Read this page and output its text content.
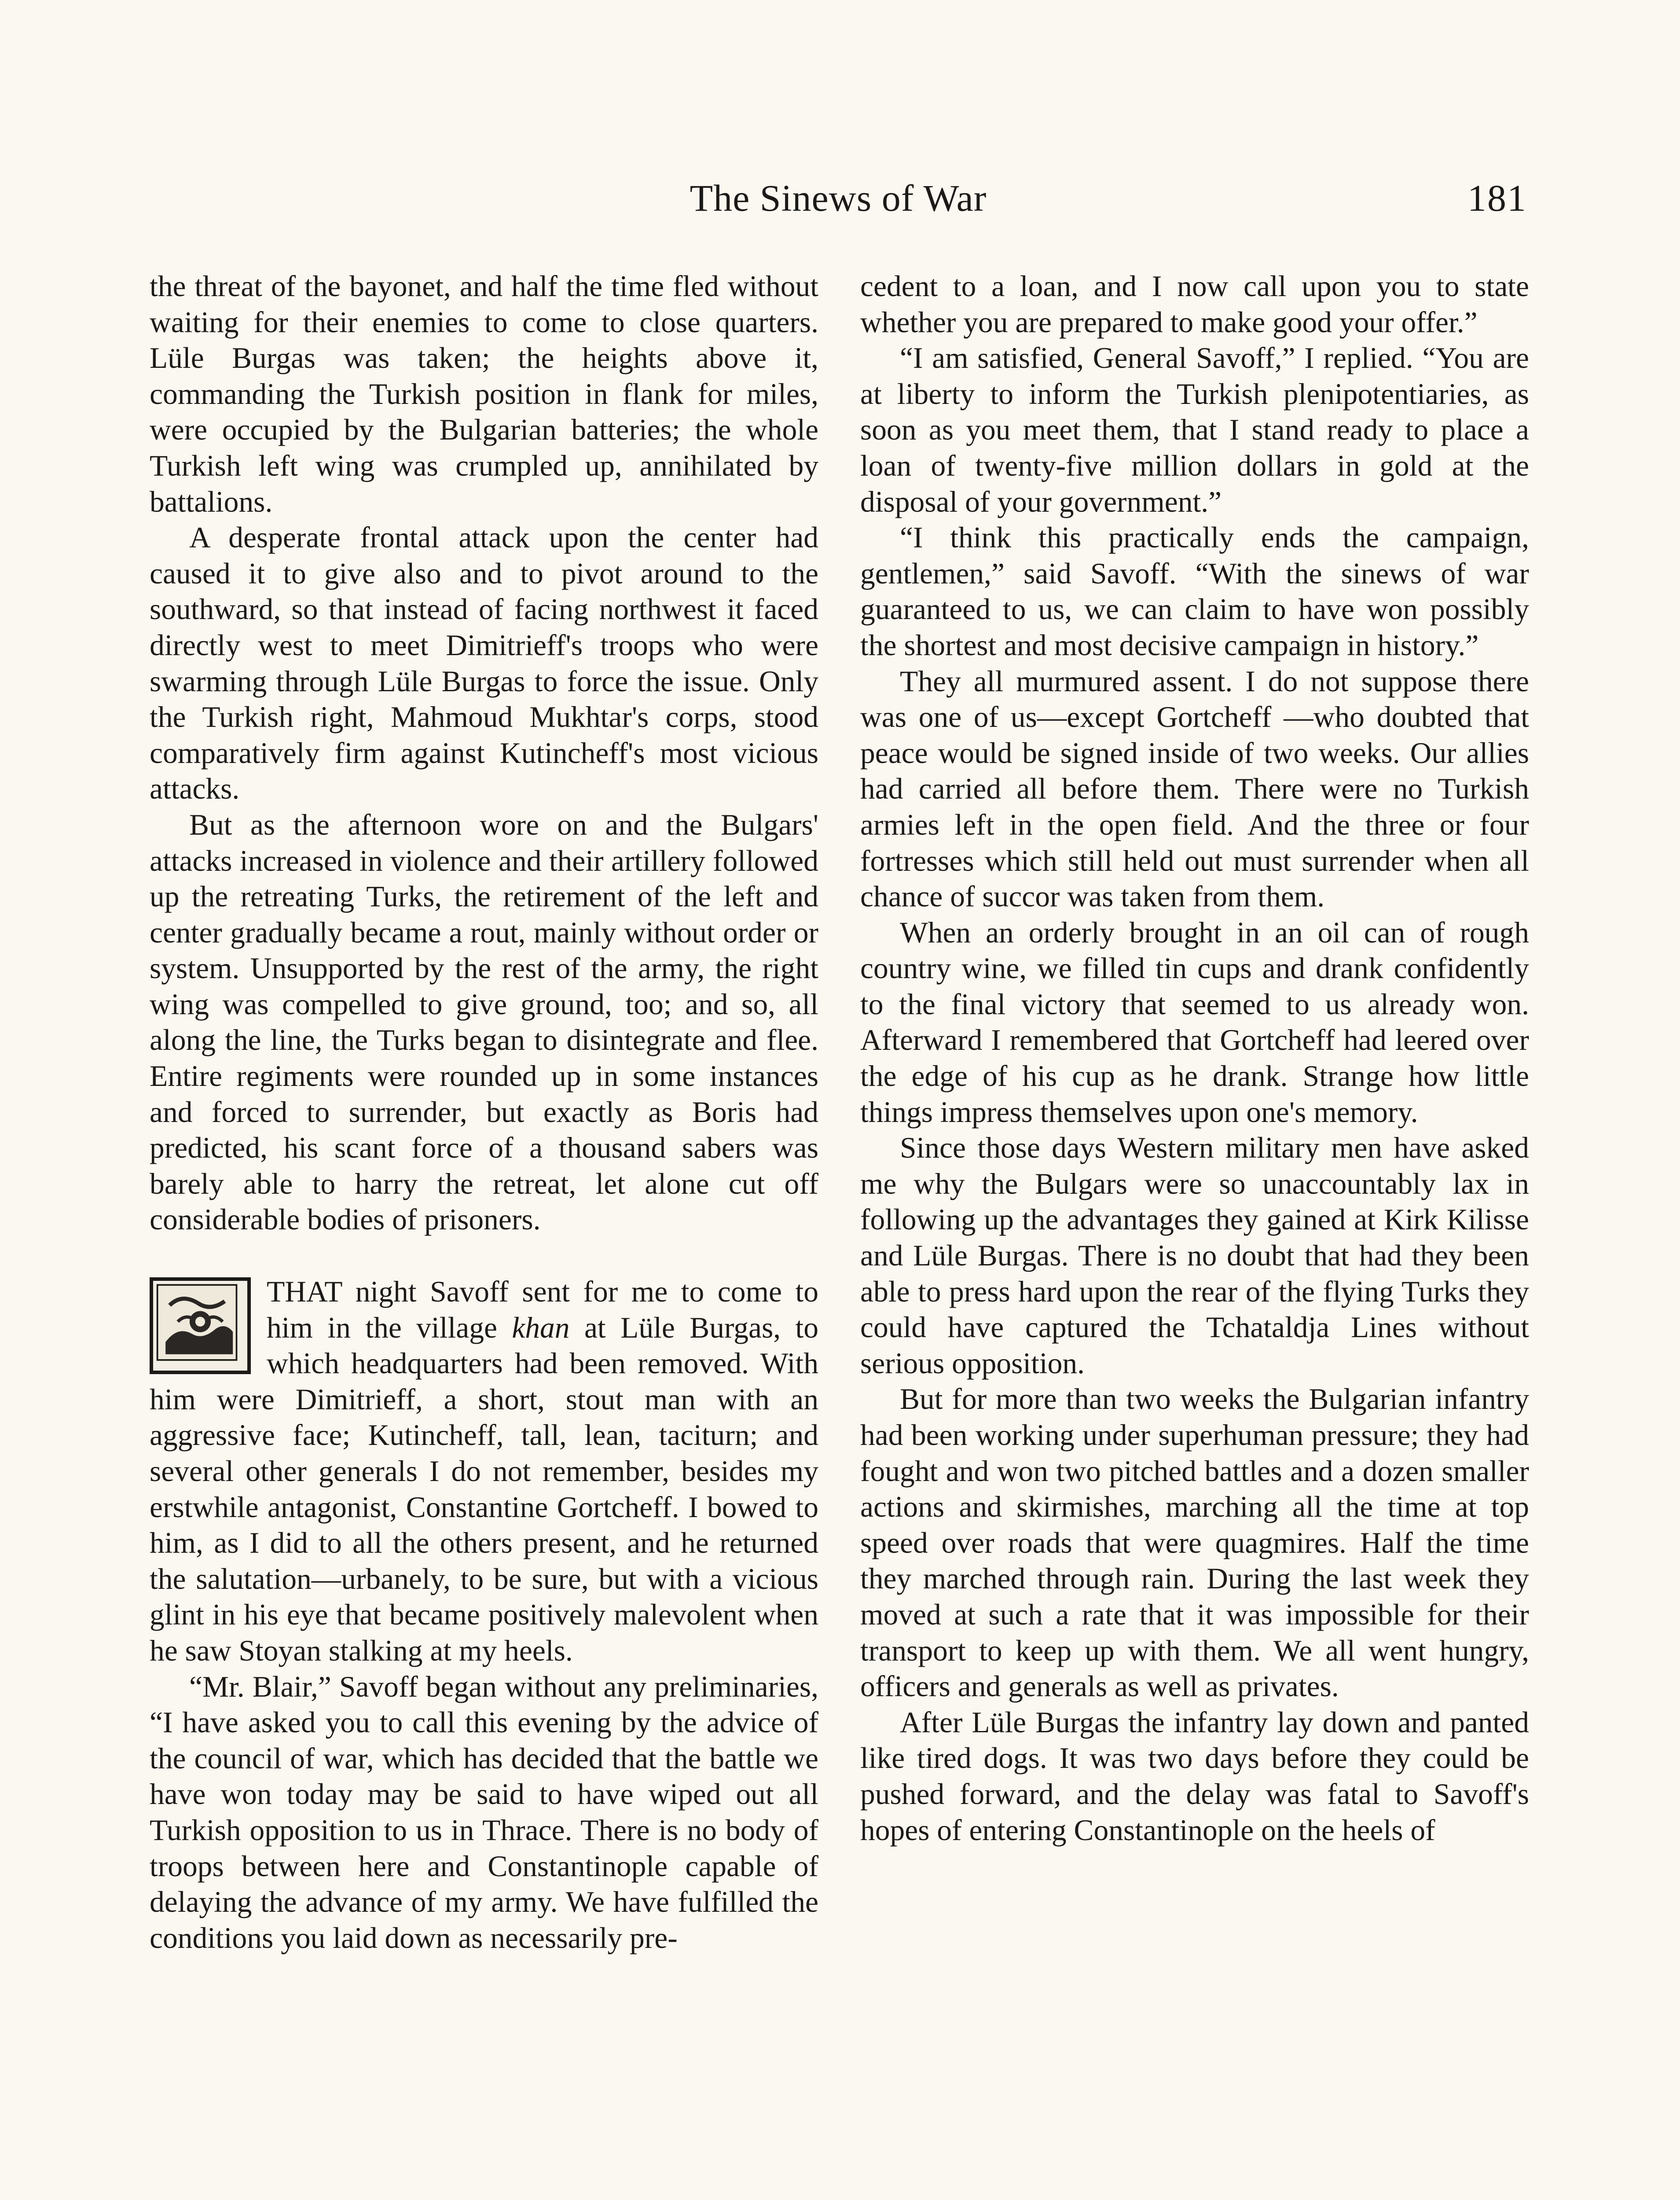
The Sinews of War	181

the threat of the bayonet, and half the time fled without waiting for their enemies to come to close quarters. Lüle Burgas was taken; the heights above it, commanding the Turkish position in flank for miles, were occupied by the Bulgarian batteries; the whole Turkish left wing was crumpled up, annihilated by battalions.

A desperate frontal attack upon the center had caused it to give also and to pivot around to the southward, so that instead of facing northwest it faced directly west to meet Dimitrieff's troops who were swarming through Lüle Burgas to force the issue. Only the Turkish right, Mahmoud Mukhtar's corps, stood comparatively firm against Kutincheff's most vicious attacks.

But as the afternoon wore on and the Bulgars' attacks increased in violence and their artillery followed up the retreating Turks, the retirement of the left and center gradually became a rout, mainly without order or system. Unsupported by the rest of the army, the right wing was compelled to give ground, too; and so, all along the line, the Turks began to disintegrate and flee. Entire regiments were rounded up in some instances and forced to surrender, but exactly as Boris had predicted, his scant force of a thousand sabers was barely able to harry the retreat, let alone cut off considerable bodies of prisoners.

THAT night Savoff sent for me to come to him in the village khan at Lüle Burgas, to which headquarters had been removed. With him were Dimitrieff, a short, stout man with an aggressive face; Kutincheff, tall, lean, taciturn; and several other generals I do not remember, besides my erstwhile antagonist, Constantine Gortcheff. I bowed to him, as I did to all the others present, and he returned the salutation—urbanely, to be sure, but with a vicious glint in his eye that became positively malevolent when he saw Stoyan stalking at my heels.

“Mr. Blair,” Savoff began without any preliminaries, “I have asked you to call this evening by the advice of the council of war, which has decided that the battle we have won today may be said to have wiped out all Turkish opposition to us in Thrace. There is no body of troops between here and Constantinople capable of delaying the advance of my army. We have fulfilled the conditions you laid down as necessarily pre-

cedent to a loan, and I now call upon you to state whether you are prepared to make good your offer.”

“I am satisfied, General Savoff,” I replied. “You are at liberty to inform the Turkish plenipotentiaries, as soon as you meet them, that I stand ready to place a loan of twenty-five million dollars in gold at the disposal of your government.”

“I think this practically ends the campaign, gentlemen,” said Savoff. “With the sinews of war guaranteed to us, we can claim to have won possibly the shortest and most decisive campaign in history.”

They all murmured assent. I do not suppose there was one of us—except Gortcheff —who doubted that peace would be signed inside of two weeks. Our allies had carried all before them. There were no Turkish armies left in the open field. And the three or four fortresses which still held out must surrender when all chance of succor was taken from them.

When an orderly brought in an oil can of rough country wine, we filled tin cups and drank confidently to the final victory that seemed to us already won. Afterward I remembered that Gortcheff had leered over the edge of his cup as he drank. Strange how little things impress themselves upon one's memory.

Since those days Western military men have asked me why the Bulgars were so unaccountably lax in following up the advantages they gained at Kirk Kilisse and Lüle Burgas. There is no doubt that had they been able to press hard upon the rear of the flying Turks they could have captured the Tchataldja Lines without serious opposition.

But for more than two weeks the Bulgarian infantry had been working under superhuman pressure; they had fought and won two pitched battles and a dozen smaller actions and skirmishes, marching all the time at top speed over roads that were quagmires. Half the time they marched through rain. During the last week they moved at such a rate that it was impossible for their transport to keep up with them. We all went hungry, officers and generals as well as privates.

After Lüle Burgas the infantry lay down and panted like tired dogs. It was two days before they could be pushed forward, and the delay was fatal to Savoff's hopes of entering Constantinople on the heels of
